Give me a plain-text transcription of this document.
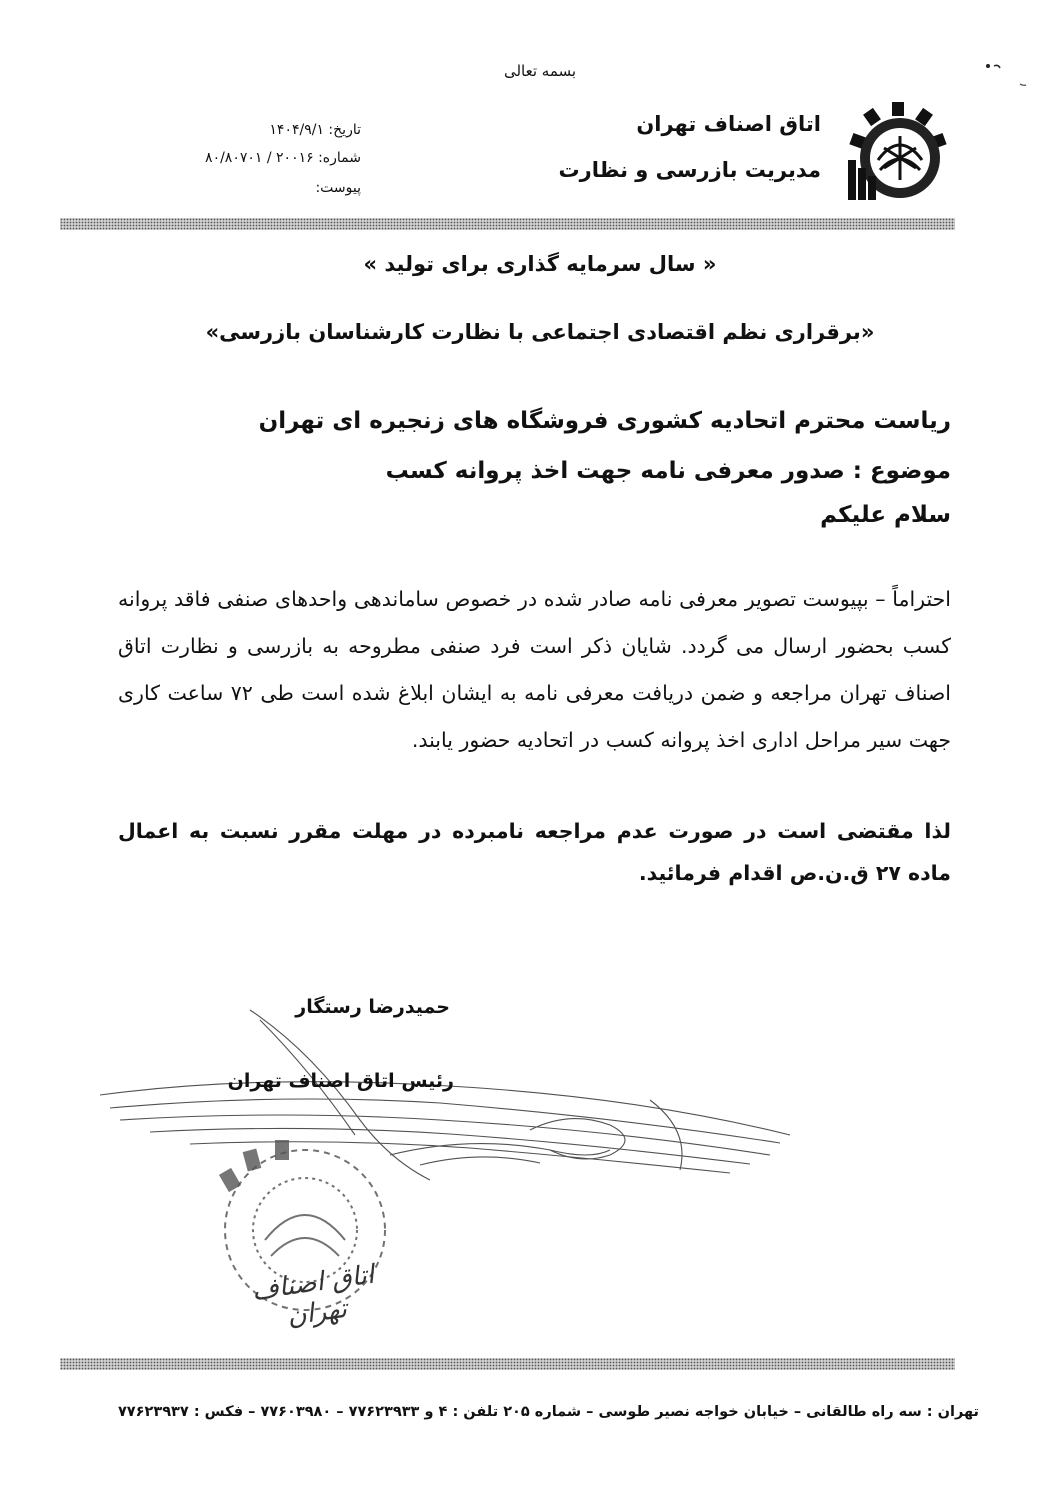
بسمه تعالی
اتاق اصناف تهران
مدیریت بازرسی و نظارت
تاریخ: ۱۴۰۴/۹/۱
شماره: ۲۰۰۱۶ / ۸۰/۸۰۷۰۱
پیوست:
« سال سرمایه گذاری برای تولید »
«برقراری نظم اقتصادی اجتماعی با نظارت کارشناسان بازرسی»
ریاست محترم اتحادیه کشوری فروشگاه های زنجیره ای تهران
موضوع : صدور معرفی نامه جهت اخذ پروانه کسب
سلام علیکم
احتراماً – بپیوست تصویر معرفی نامه صادر شده در خصوص ساماندهی واحدهای صنفی فاقد پروانه کسب بحضور ارسال می گردد. شایان ذکر است فرد صنفی مطروحه به بازرسی و نظارت اتاق اصناف تهران مراجعه و ضمن دریافت معرفی نامه به ایشان ابلاغ شده است طی ۷۲ ساعت کاری جهت سیر مراحل اداری اخذ پروانه کسب در اتحادیه حضور یابند.
لذا مقتضی است در صورت عدم مراجعه نامبرده در مهلت مقرر نسبت به اعمال ماده ۲۷ ق.ن.ص اقدام فرمائید.
حمیدرضا رستگار
رئیس اتاق اصناف تهران
اتاق اصناف تهران
تهران : سه راه طالقانی – خیابان خواجه نصیر طوسی – شماره ۲۰۵ تلفن : ۴ و ۷۷۶۲۳۹۳۳ – ۷۷۶۰۳۹۸۰ – فکس : ۷۷۶۲۳۹۳۷
